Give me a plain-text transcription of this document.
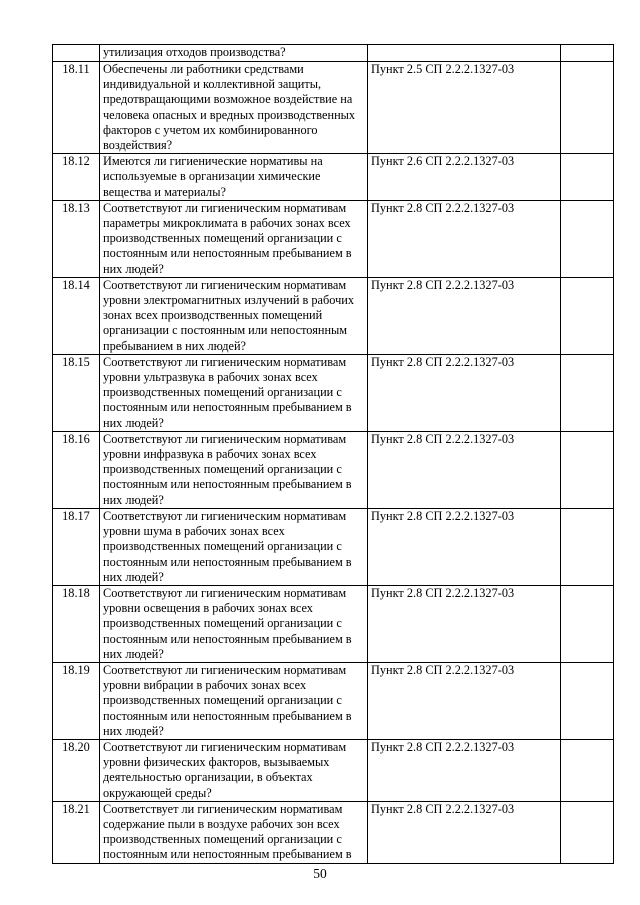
	утилизация отходов производства?		
18.11	Обеспечены ли работники средствами индивидуальной и коллективной защиты, предотвращающими возможное воздействие на человека опасных и вредных производственных факторов с учетом их комбинированного воздействия?	Пункт 2.5 СП 2.2.2.1327-03	
18.12	Имеются ли гигиенические нормативы на используемые в организации химические вещества и материалы?	Пункт 2.6 СП 2.2.2.1327-03	
18.13	Соответствуют ли гигиеническим нормативам параметры микроклимата в рабочих зонах всех производственных помещений организации с постоянным или непостоянным пребыванием в них людей?	Пункт 2.8 СП 2.2.2.1327-03	
18.14	Соответствуют ли гигиеническим нормативам уровни электромагнитных излучений в рабочих зонах всех производственных помещений организации с постоянным или непостоянным пребыванием в них людей?	Пункт 2.8 СП 2.2.2.1327-03	
18.15	Соответствуют ли гигиеническим нормативам уровни ультразвука в рабочих зонах всех производственных помещений организации с постоянным или непостоянным пребыванием в них людей?	Пункт 2.8 СП 2.2.2.1327-03	
18.16	Соответствуют ли гигиеническим нормативам уровни инфразвука в рабочих зонах всех производственных помещений организации с постоянным или непостоянным пребыванием в них людей?	Пункт 2.8 СП 2.2.2.1327-03	
18.17	Соответствуют ли гигиеническим нормативам уровни шума в рабочих зонах всех производственных помещений организации с постоянным или непостоянным пребыванием в них людей?	Пункт 2.8 СП 2.2.2.1327-03	
18.18	Соответствуют ли гигиеническим нормативам уровни освещения в рабочих зонах всех производственных помещений организации с постоянным или непостоянным пребыванием в них людей?	Пункт 2.8 СП 2.2.2.1327-03	
18.19	Соответствуют ли гигиеническим нормативам уровни вибрации в рабочих зонах всех производственных помещений организации с постоянным или непостоянным пребыванием в них людей?	Пункт 2.8 СП 2.2.2.1327-03	
18.20	Соответствуют ли гигиеническим нормативам уровни физических факторов, вызываемых деятельностью организации, в объектах окружающей среды?	Пункт 2.8 СП 2.2.2.1327-03	
18.21	Соответствует ли гигиеническим нормативам содержание пыли в воздухе рабочих зон всех производственных помещений организации с постоянным или непостоянным пребыванием в	Пункт 2.8 СП 2.2.2.1327-03	
50
